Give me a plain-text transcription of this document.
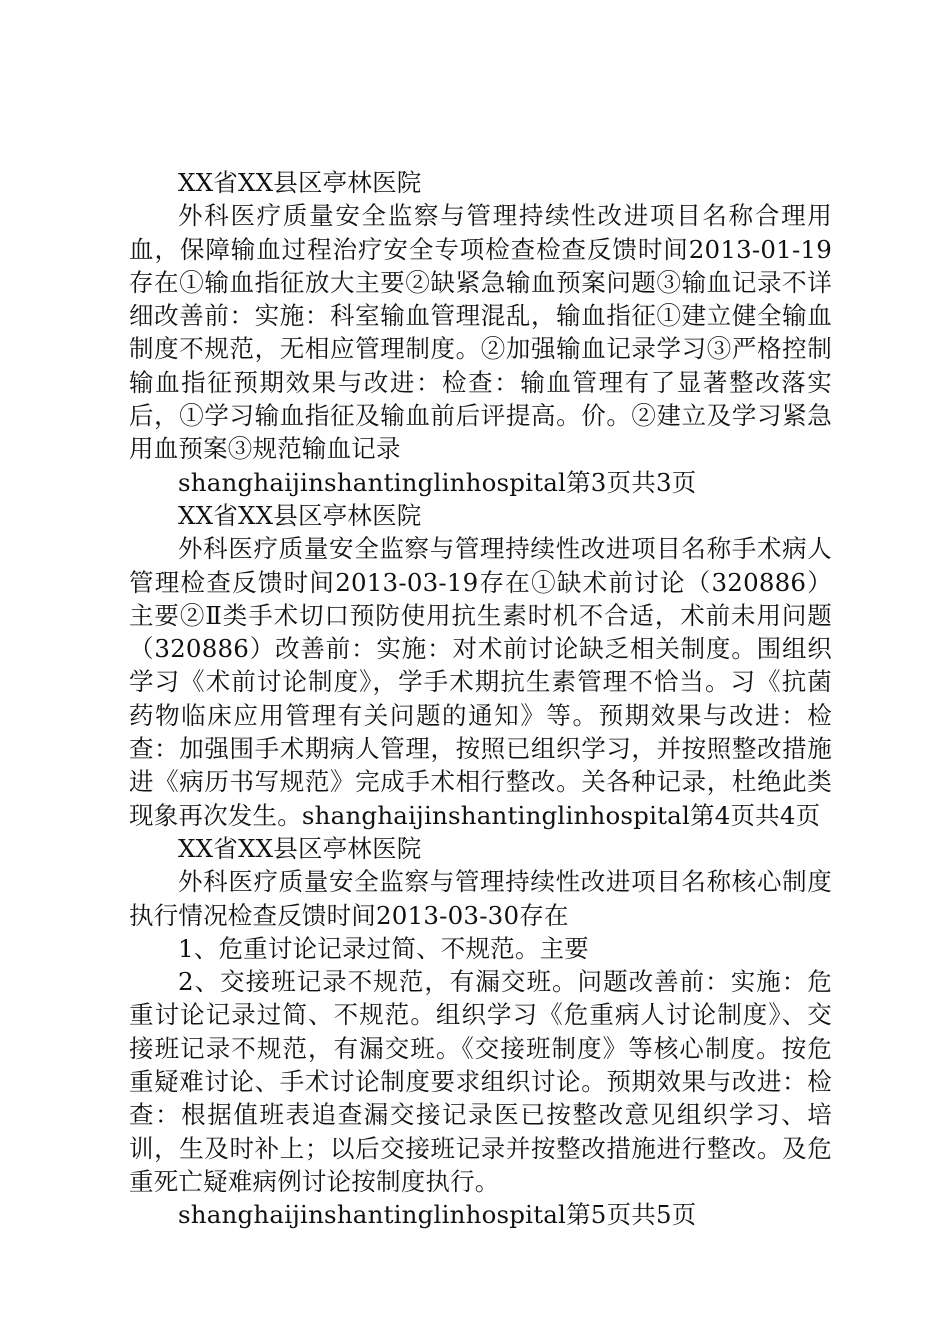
XX省XX县区亭林医院

外科医疗质量安全监察与管理持续性改进项目名称合理用血，保障输血过程治疗安全专项检查检查反馈时间2013-01-19存在①输血指征放大主要②缺紧急输血预案问题③输血记录不详细改善前：实施：科室输血管理混乱，输血指征①建立健全输血制度不规范，无相应管理制度。②加强输血记录学习③严格控制输血指征预期效果与改进：检查：输血管理有了显著整改落实后，①学习输血指征及输血前后评提高。价。②建立及学习紧急用血预案③规范输血记录

shanghaijinshantinglinhospital第3页共3页

XX省XX县区亭林医院

外科医疗质量安全监察与管理持续性改进项目名称手术病人管理检查反馈时间2013-03-19存在①缺术前讨论（320886）主要②Ⅱ类手术切口预防使用抗生素时机不合适，术前未用问题（320886）改善前：实施：对术前讨论缺乏相关制度。围组织学习《术前讨论制度》，学手术期抗生素管理不恰当。习《抗菌药物临床应用管理有关问题的通知》等。预期效果与改进：检查：加强围手术期病人管理，按照已组织学习，并按照整改措施进《病历书写规范》完成手术相行整改。关各种记录，杜绝此类现象再次发生。shanghaijinshantinglinhospital第4页共4页

XX省XX县区亭林医院

外科医疗质量安全监察与管理持续性改进项目名称核心制度执行情况检查反馈时间2013-03-30存在

1、危重讨论记录过简、不规范。主要

2、交接班记录不规范，有漏交班。问题改善前：实施：危重讨论记录过简、不规范。组织学习《危重病人讨论制度》、交接班记录不规范，有漏交班。《交接班制度》等核心制度。按危重疑难讨论、手术讨论制度要求组织讨论。预期效果与改进：检查：根据值班表追查漏交接记录医已按整改意见组织学习、培训，生及时补上；以后交接班记录并按整改措施进行整改。及危重死亡疑难病例讨论按制度执行。

shanghaijinshantinglinhospital第5页共5页
